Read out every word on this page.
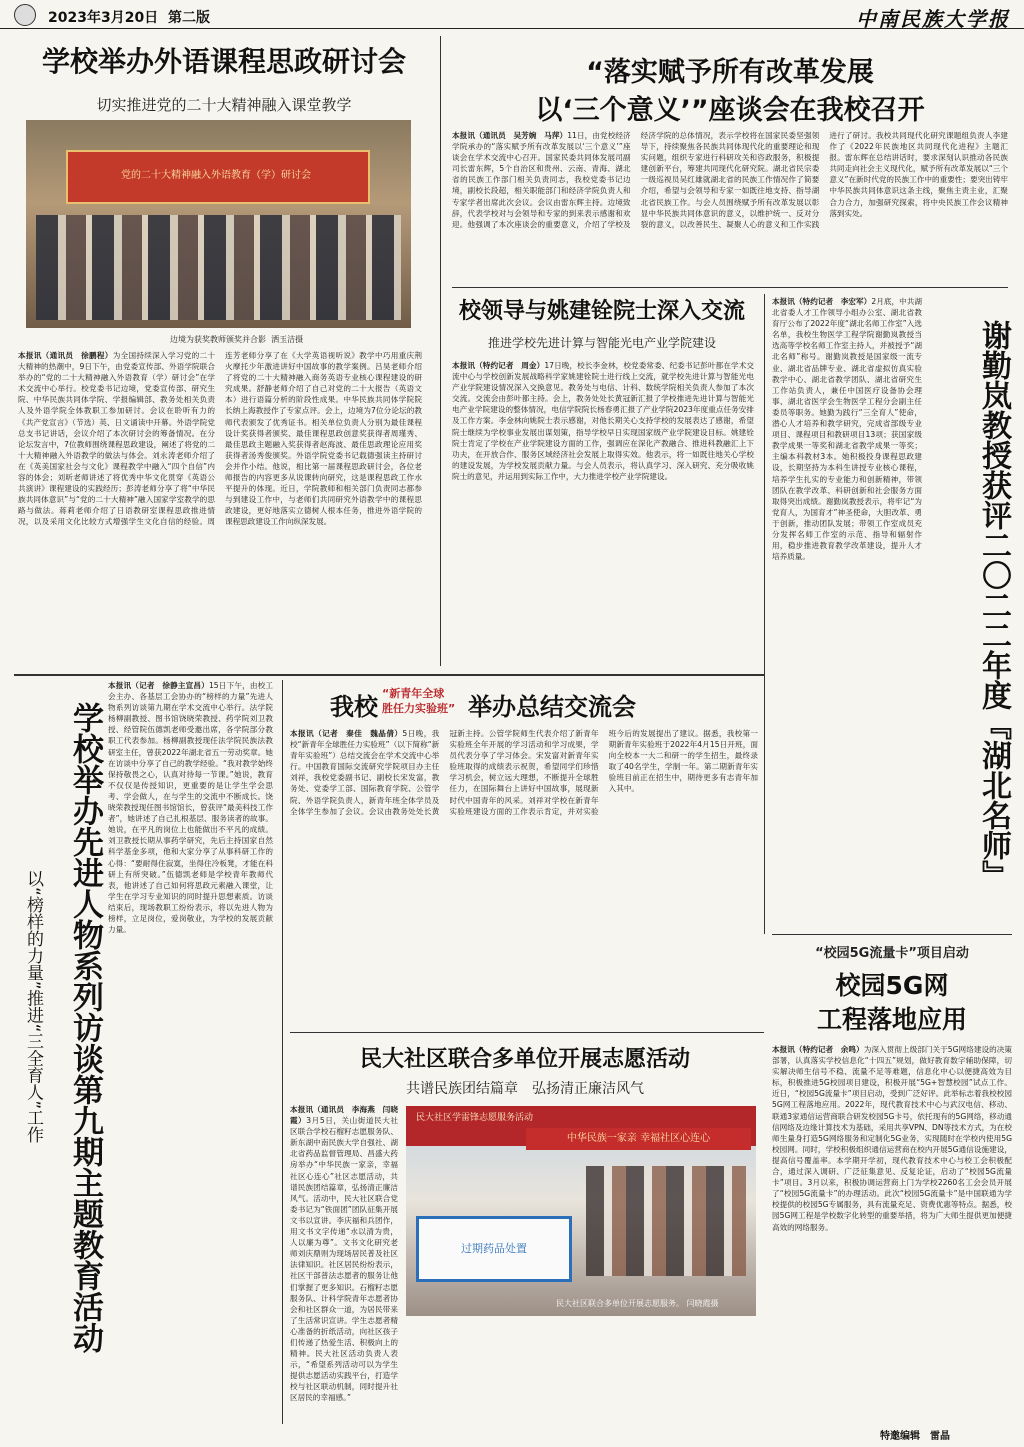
2023年3月20日 第二版	中南民族大学报
学校举办外语课程思政研讨会
切实推进党的二十大精神融入课堂教学
党的二十大精神融入外语教育（学）研讨会
边境为获奖教师颁奖并合影 洒玉洁摄
本报讯（通讯员　徐鹏程）为全国持续深入学习党的二十大精神的热潮中，9日下午，由党委宣传部、外语学院联合举办的“党的二十大精神融入外语教育（学）研讨会”在学术交流中心举行。校党委书记边境，党委宣传部、研究生院、中华民族共同体学院、学报编辑部、教务处相关负责人及外语学院全体教职工参加研讨。会议在聆听有力的《共产党宣言》（节选）英、日文诵读中开幕。外语学院党总支书记讲话，会议介绍了本次研讨会的筹备情况。在分论坛发言中，7位教师围绕课程思政建设，阐述了将党的二十大精神融入外语教学的做法与体会。刘永涛老师介绍了在《英美国家社会与文化》课程教学中融入“四个自信”内容的体会；刘昕老师讲述了将优秀中华文化贯穿《英语公共演讲》课程建设的实践经历；彭涛老师分享了将“中华民族共同体意识”与“党的二十大精神”融入国家学室教学的思路与做法。蒋莉老师介绍了日语教研室课程思政推进情况，以及采用文化比较方式增强学生文化自信的经验。周连芳老师分享了在《大学英语视听说》教学中巧用重庆荆火摩托少年激进讲好中国故事的教学案例。吕昊老师介绍了将党的二十大精神融入商务英语专业核心课程建设的研究成果。舒静老师介绍了自己对党的二十大报告（英语文本）进行语篇分析的阶段性成果。中华民族共同体学院院长纳上海教授作了专家点评。会上，边境为7位分论坛的教师代表颁发了优秀证书。相关单位负责人分别为最佳课程设计奖获得者颁奖、最佳课程思政创意奖获得者周瑾秀、最佳思政主题融入奖获得者赵海波、最佳思政理论应用奖获得者汤秀俊颁奖。外语学院党委书记载德强读主持研讨会并作小结。他说，相比第一届课程思政研讨会，各位老师报告的内容更多从说课转向研究，这是课程思政工作水平提升的体现。近日，学院教师和相关部门负责同志都参与到建设工作中，与老师们共同研究外语教学中的课程思政建设，更好地落实立德树人根本任务，推进外语学院的课程思政建设工作向纵深发展。
“落实赋予所有改革发展
以‘三个意义’”座谈会在我校召开
本报讯（通讯员　吴芳婉　马萍）11日，由党校经济学院承办的“落实赋予所有改革发展以‘三个意义’”座谈会在学术交流中心召开。国家民委共同体发展司副司长雷东辉，5个自治区和贵州、云南、青海、湖北省的民族工作部门相关负责同志，我校党委书记边境，副校长段超，相关职能部门和经济学院负责人和专家学者出席此次会议。会议由雷东辉主持。边境致辞，代表学校对与会领导和专家的到来表示感谢和欢迎。他强调了本次座谈会的重要意义，介绍了学校及经济学院的总体情况，表示学校将在国家民委坚强领导下，持续聚焦各民族共同体现代化的重要理论和现实问题，组织专家进行科研攻关和咨政服务，积极提建创新平台，筹建共同现代化研究院。湖北省民宗委一级巡视员吴红雄就湖北省的民族工作情况作了简要介绍，希望与会领导和专家一如既往地支持、指导湖北省民族工作。与会人员围绕赋予所有改革发展以彰显中华民族共同体意识的意义，以维护统一、反对分裂的意义，以改善民生、凝聚人心的意义和工作实践进行了研讨。我校共同现代化研究课题组负责人李建作了《2022年民族地区共同现代化进程》主题汇报。雷东辉在总结讲话时，要求深刻认识推动各民族共同走向社会主义现代化，赋予所有改革发展以“三个意义”在新时代党的民族工作中的重要性；要突出铸牢中华民族共同体意识这条主线，聚焦主责主业，汇聚合力合力，加强研究探索，将中央民族工作会议精神落到实处。
校领导与姚建铨院士深入交流
推进学校先进计算与智能光电产业学院建设
本报讯（特约记者　周金）17日晚，校长李金林，校党委常委、纪委书记彭叶都在学术交流中心与学校创新发展战略科学家姚建铨院士进行线上交流，就学校先进计算与智能光电产业学院建设情况深入交换意见。教务处与电信、计科、数统学院相关负责人参加了本次交流。交流会由彭叶都主持。会上，教务处处长黄冠新汇报了学校推进先进计算与智能光电产业学院建设的整体情况，电信学院院长杨春勇汇报了产业学院2023年度重点任务安排及工作方案。李金林向姚院士表示感谢，对他长期关心支持学校的发展表达了感谢，希望院士继续为学校事业发展出谋划策，指导学校早日实现国家级产业学院建设目标。姚建铨院士肯定了学校在产业学院建设方面的工作，强调应在深化产教融合、推进科教融汇上下功夫，在开放合作、服务区域经济社会发展上取得实效。他表示，将一如既往地关心学校的建设发展，为学校发展贡献力量。与会人员表示，将认真学习、深入研究、充分吸收姚院士的意见，并运用到实际工作中，大力推进学校产业学院建设。
本报讯（特约记者　李宏军）2月底，中共湖北省委人才工作领导小组办公室、湖北省教育厅公布了2022年度“湖北名师工作室”入选名单，我校生物医学工程学院谢勤岚教授当选高等学校名师工作室主持人，并被授予“湖北名师”称号。谢勤岚教授是国家级一流专业、湖北省品牌专业、湖北省虚拟仿真实验教学中心、湖北省教学团队、湖北省研究生工作站负责人，兼任中国医疗设备协会理事、湖北省医学会生物医学工程分会副主任委员等职务。她勤为践行“三全育人”使命，潜心人才培养和教学研究，完成省部级专业项目、课程项目和教研项目13项；获国家级教学成果一等奖和湖北省教学成果一等奖；主编本科教材3本。她积极投身课程思政建设，长期坚持为本科生讲授专业核心课程，培养学生扎实的专业能力和创新精神，带领团队在教学改革、科研创新和社会服务方面取得突出成绩。谢勤岚教授表示，将牢记“为党育人，为国育才”神圣使命，大胆改革、勇于创新，推动团队发展；带领工作室成员充分发挥名师工作室的示范、指导和辐射作用，稳步推进教育教学改革建设，提升人才培养质量。	谢勤岚教授获评二〇二二年度『湖北名师』
学校举办先进人物系列访谈第九期主题教育活动
以“榜样的力量”推进“三全育人”工作
本报讯（记者　徐静主宣昌）15日下午，由校工会主办、各基层工会协办的“榜样的力量”先进人物系列访谈第九期在学术交流中心举行。法学院杨柳副教授、图书馆饶晓荣教授、药学院刘卫教授、经管院伍德凯老师受邀出席，各学院部分教职工代表参加。杨柳副教授现任法学院民族法教研室主任，曾获2022年湖北省五一劳动奖章。她在访谈中分享了自己的教学经验。“我对教学始终保持敬畏之心，认真对待每一节课。”她说，教育不仅仅是传授知识，更重要的是让学生学会思考、学会做人，在与学生的交流中不断成长。饶晓荣教授现任图书馆馆长，曾获评“最美科技工作者”，她讲述了自己扎根基层、服务读者的故事。她说，在平凡的岗位上也能做出不平凡的成绩。刘卫教授长期从事药学研究，先后主持国家自然科学基金多项，他和大家分享了从事科研工作的心得：“要耐得住寂寞，坐得住冷板凳，才能在科研上有所突破。”伍德凯老师是学校青年教师代表，他讲述了自己如何将思政元素融入课堂，让学生在学习专业知识的同时提升思想素质。访谈结束后，现场教职工纷纷表示，将以先进人物为榜样，立足岗位，爱岗敬业，为学校的发展贡献力量。
我校 “新青年全球
胜任力实验班” 举办总结交流会
本报讯（记者　秦佳　魏晶倩）5日晚，我校“新青年全球胜任力实验班”（以下简称“新青年实验班”）总结交流会在学术交流中心举行。中国教育国际交流研究学院项目办主任刘祥，我校党委副书记、副校长宋发富，教务处、党委学工部、国际教育学院、公管学院、外语学院负责人，新青年班全体学员及全体学生参加了会议。会议由教务处处长黄冠新主持。公管学院师生代表介绍了新青年实验班全年开展的学习活动和学习成果，学员代表分享了学习体会。宋发富对新青年实验班取得的成绩表示祝贺，希望同学们珍惜学习机会，树立远大理想，不断提升全球胜任力，在国际舞台上讲好中国故事，展现新时代中国青年的风采。刘祥对学校在新青年实验班建设方面的工作表示肯定，并对实验班今后的发展提出了建议。据悉，我校第一期新青年实验班于2022年4月15日开班，面向全校本一大二和研一的学生招生，最终录取了40名学生，学制一年。第二期新青年实验班目前正在招生中，期待更多有志青年加入其中。
民大社区联合多单位开展志愿活动
共谱民族团结篇章　弘扬清正廉洁风气
本报讯（通讯员　李海燕　闫晓霞）3月5日，关山街道民大社区联合学校石榴籽志愿服务队、新东湖中南民族大学自强社、湖北省药品监督管理局、昌盛大药房举办“中华民族一家亲，幸福社区心连心”社区志愿活动，共谱民族团结篇章，弘扬清正廉洁风气。活动中，民大社区联合党委书记为“铁面团”团队征集开展文书以宣讲。李庆福和兵团作，用文书文字传递“水以清为贵，人以廉为尊”。文书文化研究老师刘庆鼎则为现场居民普及社区法律知识。社区居民纷纷表示，社区干部普法志愿者的服务让他们掌握了更多知识。石榴籽志愿服务队、计科学院青年志愿者协会和社区群众一道，为居民带来了生活常识宣讲。学生志愿者精心准备的折纸活动，向社区孩子们传递了热爱生活、积极向上的精神。民大社区活动负责人表示，“希望系列活动可以为学生提供志愿活动实践平台，打造学校与社区联动机制，同时提升社区居民的幸福感。”
民大社区学雷锋志愿服务活动
中华民族一家亲 幸福社区心连心
过期药品处置
民大社区联合多单位开展志愿服务。 闫晓霞摄
“校园5G流量卡”项目启动
校园5G网
工程落地应用
本报讯（特约记者　余鸣）为深入贯彻上级部门关于5G网络建设的决策部署，认真落实学校信息化“十四五”规划，做好教育数字辅助保障，切实解决师生信号不稳、流量不足等难题，信息化中心以便捷高效为目标，积极推进5G校园项目建设，积极开展“5G+智慧校园”试点工作。近日，“校园5G流量卡”项目启动，受到广泛好评。此举标志着我校校园5G网工程落地应用。2022年，现代教育技术中心与武汉电信、移动、联通3家通信运营商联合研发校园5G卡号，依托现有的5G网络，移动通信网络及边缘计算技术为基础，采用共享VPN、DN等技术方式，为在校师生量身打造5G网络服务和定制化5G业务，实现随时在学校内使用5G校园网。同时，学校积极组织通信运营商在校内开展5G通信设施建设，提高信号覆盖率。本学期开学初，现代教育技术中心与校工会积极配合，通过深入调研、广泛征集意见、反复论证，启动了“校园5G流量卡”项目。3月以来，积极协调运营商上门为学校2260名工会会员开展了“校园5G流量卡”的办理活动。此次“校园5G流量卡”是中国联通为学校提供的校园5G专属服务，具有流量充足、资费优惠等特点。据悉，校园5G网工程是学校数字化转型的重要举措，将为广大师生提供更加便捷高效的网络服务。
特邀编辑　雷晶
